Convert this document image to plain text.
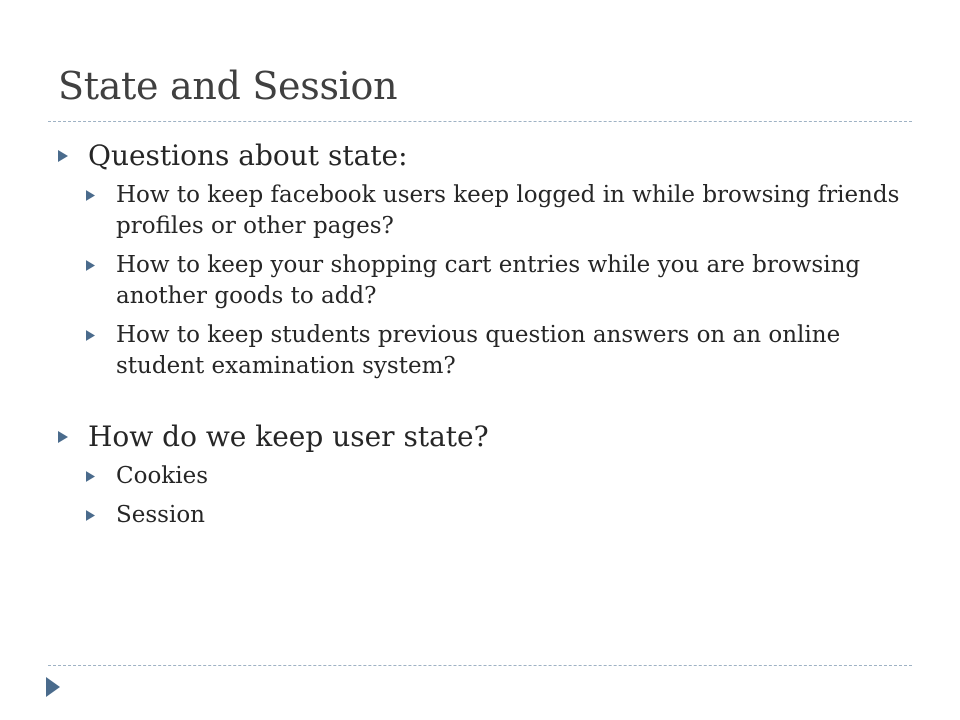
State and Session
Questions about state:
How to keep facebook users keep logged in while browsing friends profiles or other pages?
How to keep your shopping cart entries while you are browsing another goods to add?
How to keep students previous question answers on an online student examination system?
How do we keep user state?
Cookies
Session
